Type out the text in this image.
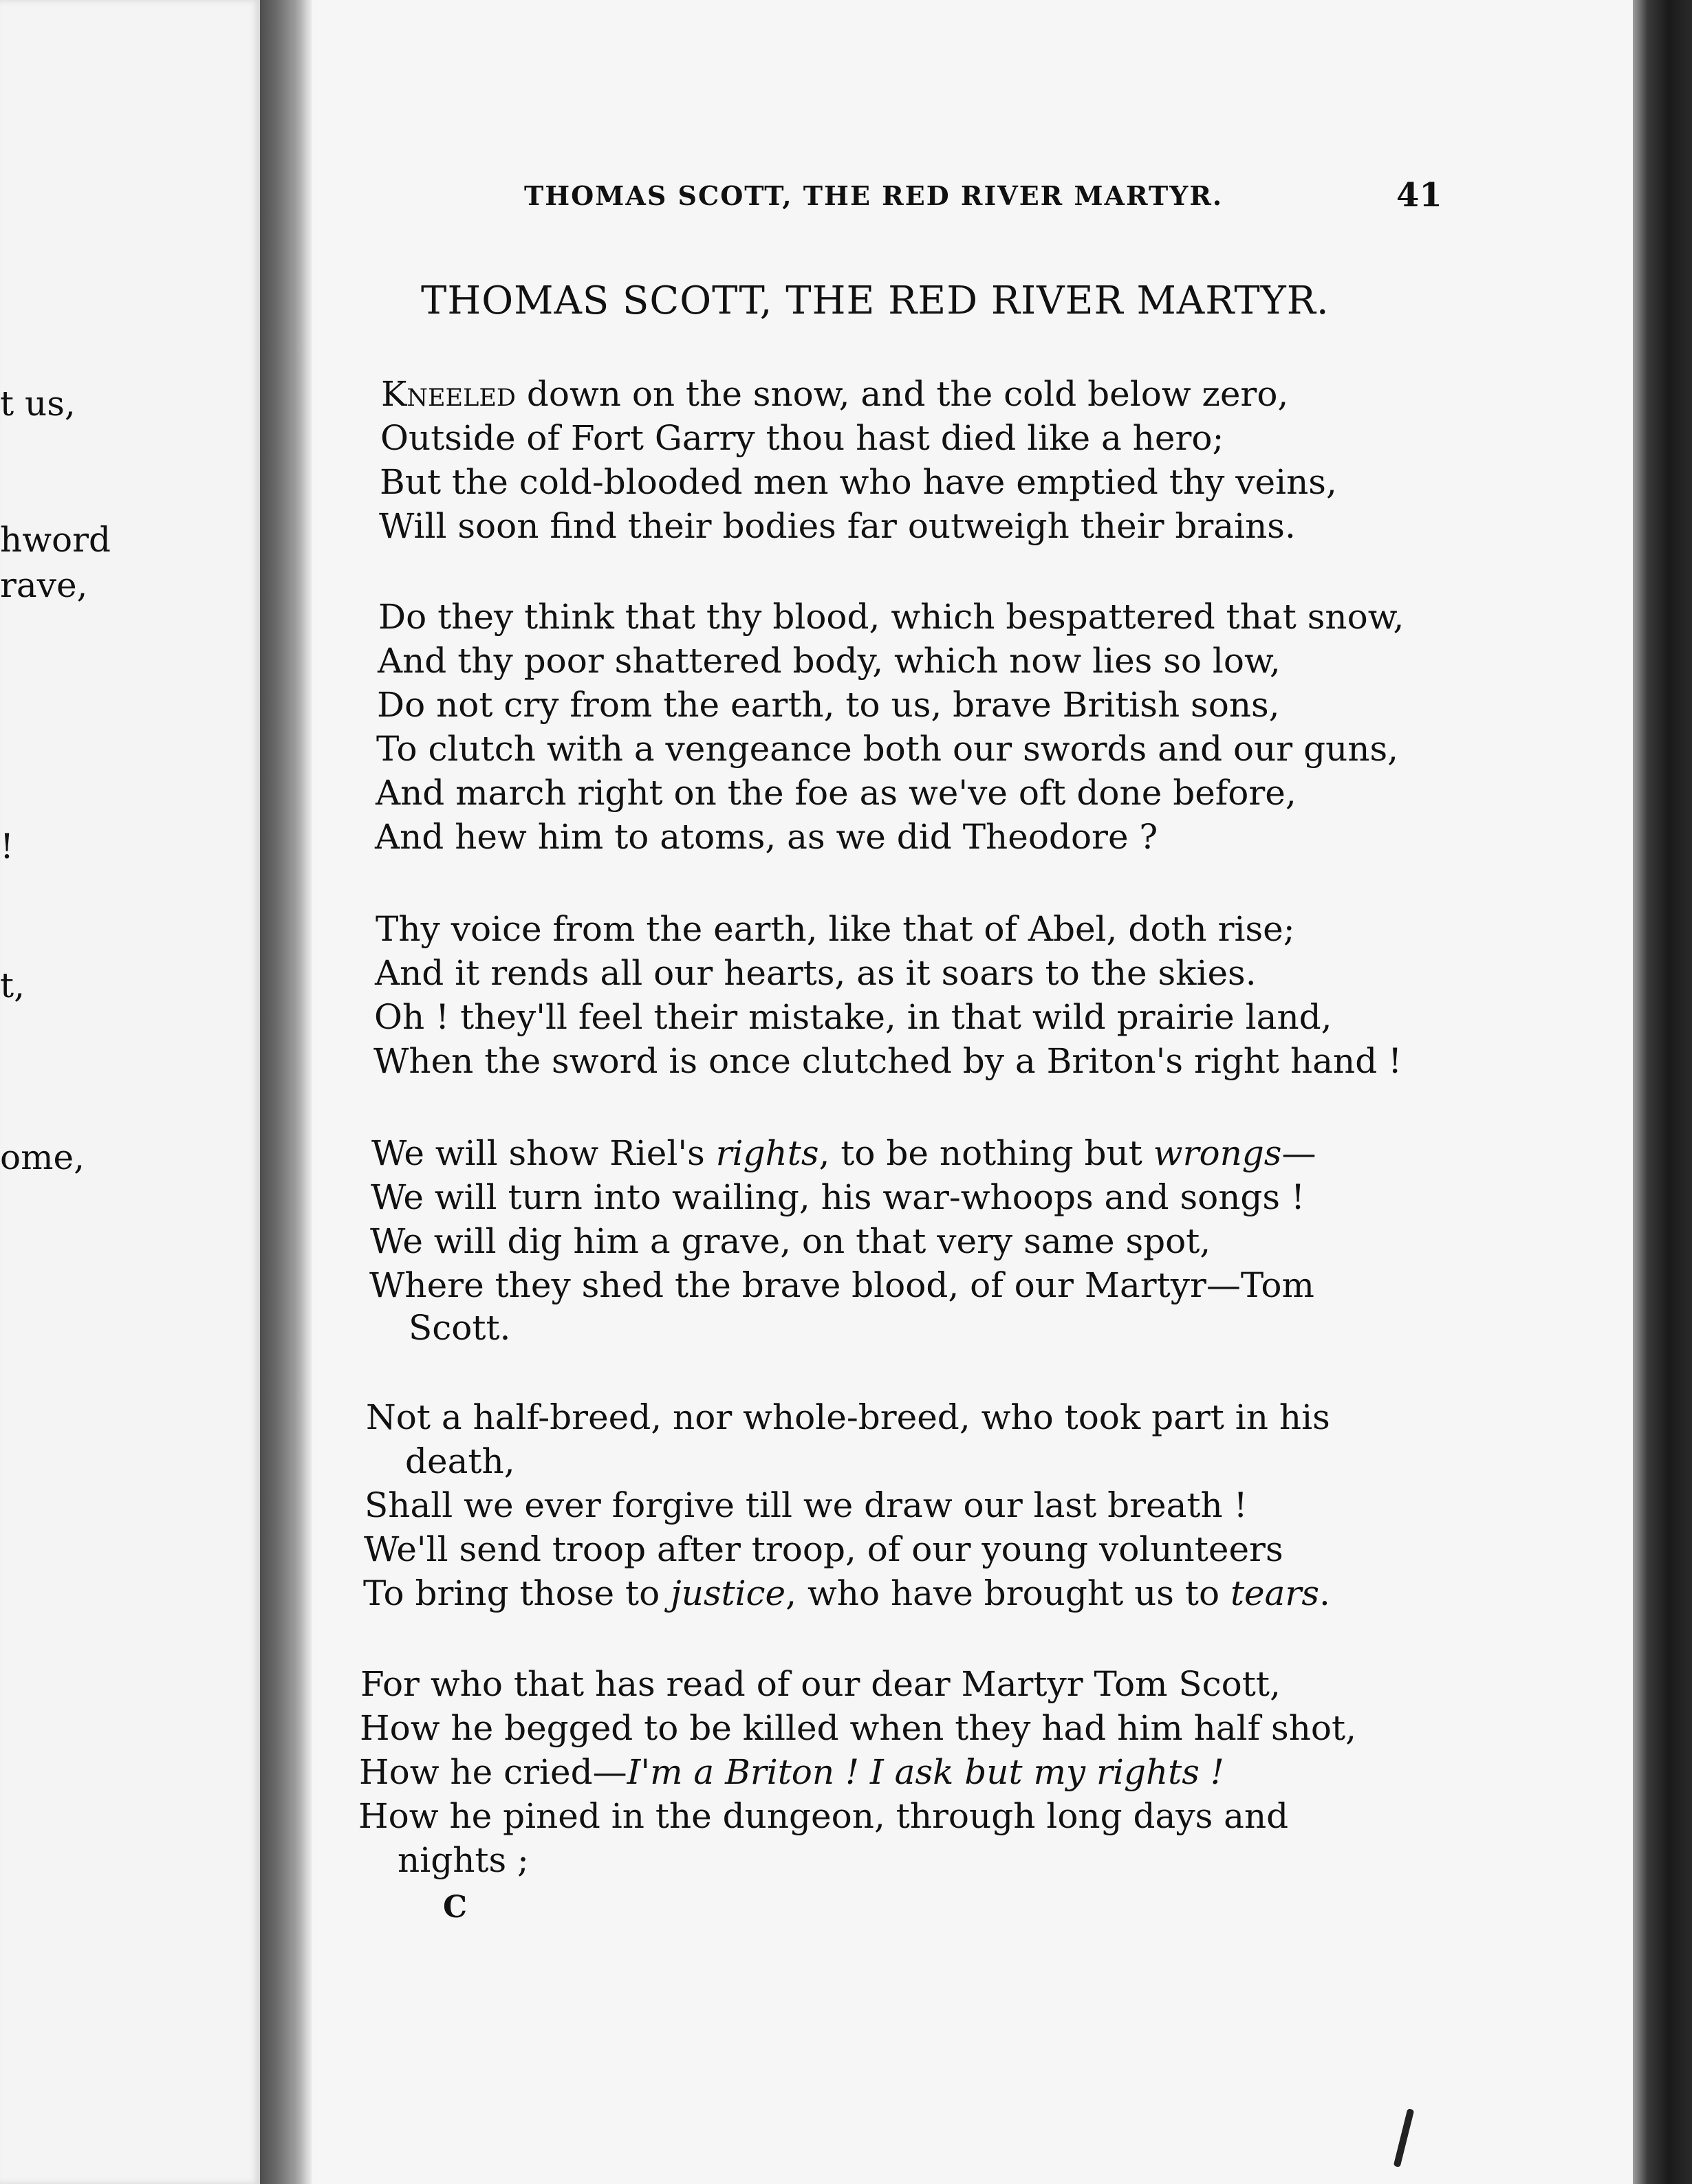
t us,
hword
rave,
!
t,
ome,
THOMAS SCOTT, THE RED RIVER MARTYR.	41
THOMAS SCOTT, THE RED RIVER MARTYR.
Kneeled down on the snow, and the cold below zero,
Outside of Fort Garry thou hast died like a hero;
But the cold-blooded men who have emptied thy veins,
Will soon find their bodies far outweigh their brains.
Do they think that thy blood, which bespattered that snow,
And thy poor shattered body, which now lies so low,
Do not cry from the earth, to us, brave British sons,
To clutch with a vengeance both our swords and our guns,
And march right on the foe as we've oft done before,
And hew him to atoms, as we did Theodore ?
Thy voice from the earth, like that of Abel, doth rise;
And it rends all our hearts, as it soars to the skies.
Oh ! they'll feel their mistake, in that wild prairie land,
When the sword is once clutched by a Briton's right hand !
We will show Riel's rights, to be nothing but wrongs—
We will turn into wailing, his war-whoops and songs !
We will dig him a grave, on that very same spot,
Where they shed the brave blood, of our Martyr—Tom
Scott.
Not a half-breed, nor whole-breed, who took part in his
death,
Shall we ever forgive till we draw our last breath !
We'll send troop after troop, of our young volunteers
To bring those to justice, who have brought us to tears.
For who that has read of our dear Martyr Tom Scott,
How he begged to be killed when they had him half shot,
How he cried—I'm a Briton ! I ask but my rights !
How he pined in the dungeon, through long days and
nights ;
C
